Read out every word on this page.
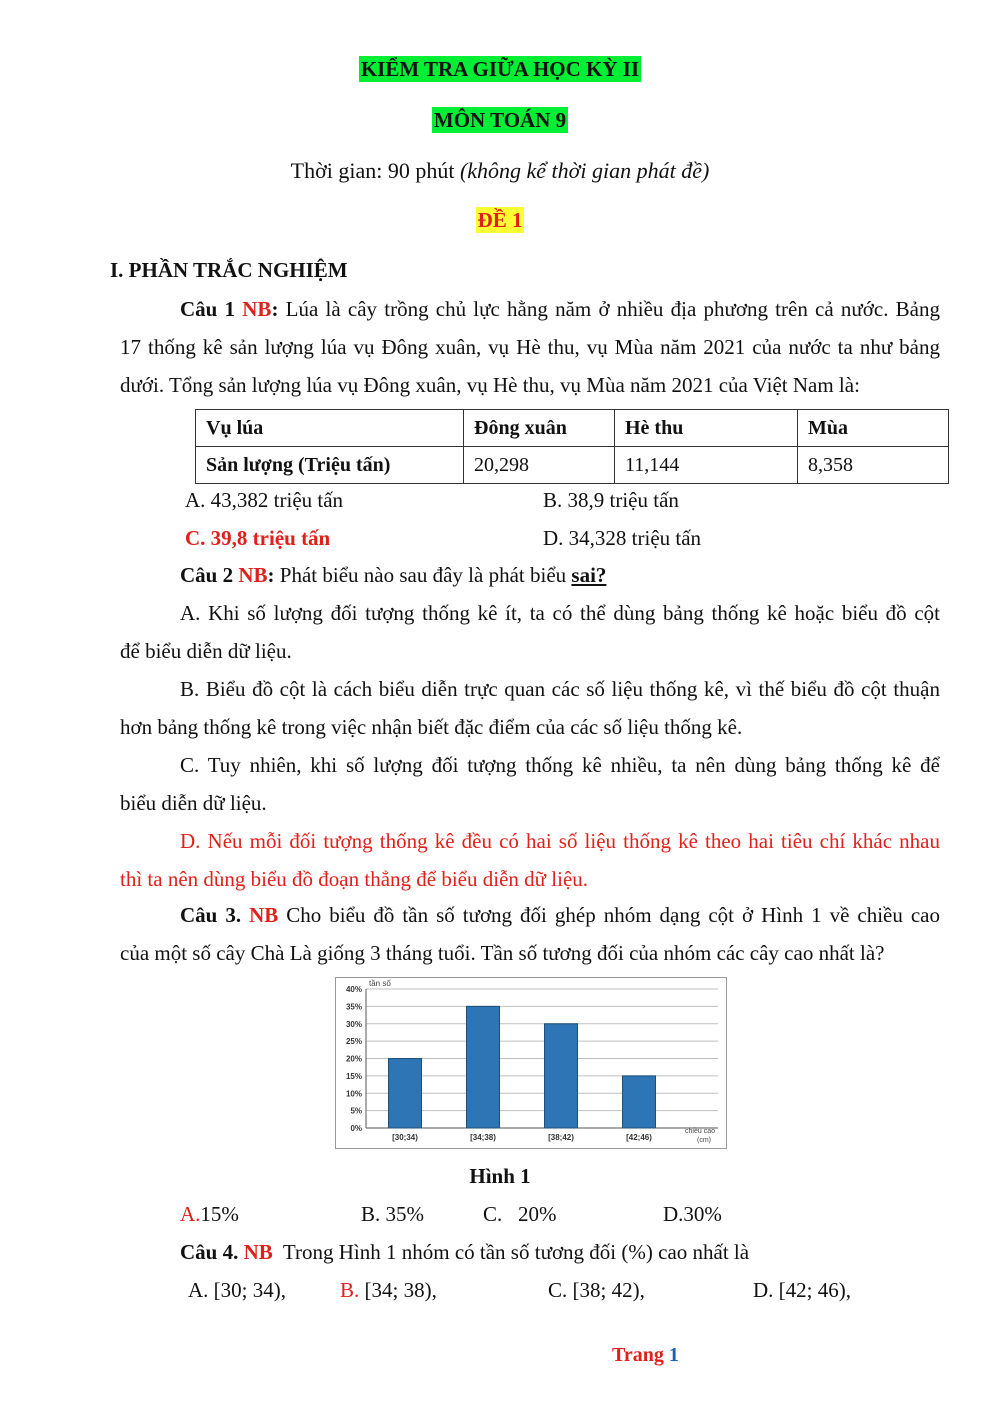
KIỂM TRA GIỮA HỌC KỲ II
MÔN TOÁN 9
Thời gian: 90 phút (không kể thời gian phát đề)
ĐỀ 1
I. PHẦN TRẮC NGHIỆM
Câu 1 NB: Lúa là cây trồng chủ lực hằng năm ở nhiều địa phương trên cả nước. Bảng
17 thống kê sản lượng lúa vụ Đông xuân, vụ Hè thu, vụ Mùa năm 2021 của nước ta như bảng
dưới. Tổng sản lượng lúa vụ Đông xuân, vụ Hè thu, vụ Mùa năm 2021 của Việt Nam là:
Vụ lúa	Đông xuân	Hè thu	Mùa
Sản lượng (Triệu tấn)	20,298	11,144	8,358
A. 43,382 triệu tấn	B. 38,9 triệu tấn
C. 39,8 triệu tấn	D. 34,328 triệu tấn
Câu 2 NB: Phát biểu nào sau đây là phát biểu sai?
A. Khi số lượng đối tượng thống kê ít, ta có thể dùng bảng thống kê hoặc biểu đồ cột
để biểu diễn dữ liệu.
B. Biểu đồ cột là cách biểu diễn trực quan các số liệu thống kê, vì thế biểu đồ cột thuận
hơn bảng thống kê trong việc nhận biết đặc điểm của các số liệu thống kê.
C. Tuy nhiên, khi số lượng đối tượng thống kê nhiều, ta nên dùng bảng thống kê để
biểu diễn dữ liệu.
D. Nếu mỗi đối tượng thống kê đều có hai số liệu thống kê theo hai tiêu chí khác nhau
thì ta nên dùng biểu đồ đoạn thẳng để biểu diễn dữ liệu.
Câu 3. NB Cho biểu đồ tần số tương đối ghép nhóm dạng cột ở Hình 1 về chiều cao
của một số cây Chà Là giống 3 tháng tuổi. Tần số tương đối của nhóm các cây cao nhất là?
0%
5%
10%
15%
20%
25%
30%
35%
40%
tần số
[30;34)	[34;38)	[38;42)	[42;46)
chiều cao
(cm)
Hình 1
A.15%	B. 35%	C.   20%	D.30%
Câu 4. NB  Trong Hình 1 nhóm có tần số tương đối (%) cao nhất là
A. [30; 34),	B. [34; 38),	C. [38; 42),	D. [42; 46),
Trang 1
